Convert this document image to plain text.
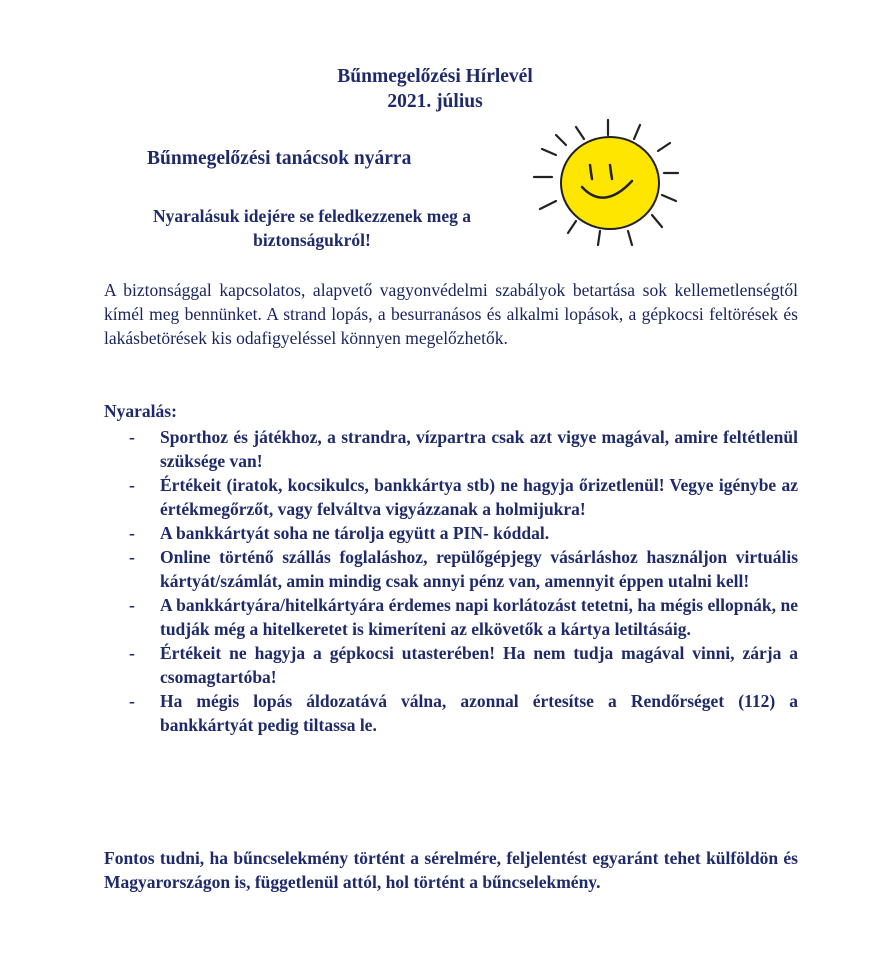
Bűnmegelőzési Hírlevél
2021. július
Bűnmegelőzési tanácsok nyárra
Nyaralásuk idejére se feledkezzenek meg a biztonságukról!
A biztonsággal kapcsolatos, alapvető vagyonvédelmi szabályok betartása sok kellemetlenségtől kímél meg bennünket. A strand lopás, a besurranásos és alkalmi lopások, a gépkocsi feltörések és lakásbetörések kis odafigyeléssel könnyen megelőzhetők.
Nyaralás:
- Sporthoz és játékhoz, a strandra, vízpartra csak azt vigye magával, amire feltétlenül szüksége van!
- Értékeit (iratok, kocsikulcs, bankkártya stb) ne hagyja őrizetlenül! Vegye igénybe az értékmegőrzőt, vagy felváltva vigyázzanak a holmijukra!
- A bankkártyát soha ne tárolja együtt a PIN- kóddal.
- Online történő szállás foglaláshoz, repülőgépjegy vásárláshoz használjon virtuális kártyát/számlát, amin mindig csak annyi pénz van, amennyit éppen utalni kell!
- A bankkártyára/hitelkártyára érdemes napi korlátozást tetetni, ha mégis ellopnák, ne tudják még a hitelkeretet is kimeríteni az elkövetők a kártya letiltásáig.
- Értékeit ne hagyja a gépkocsi utasterében! Ha nem tudja magával vinni, zárja a csomagtartóba!
- Ha mégis lopás áldozatává válna, azonnal értesítse a Rendőrséget (112) a bankkártyát pedig tiltassa le.
Fontos tudni, ha bűncselekmény történt a sérelmére, feljelentést egyaránt tehet külföldön és Magyarországon is, függetlenül attól, hol történt a bűncselekmény.
